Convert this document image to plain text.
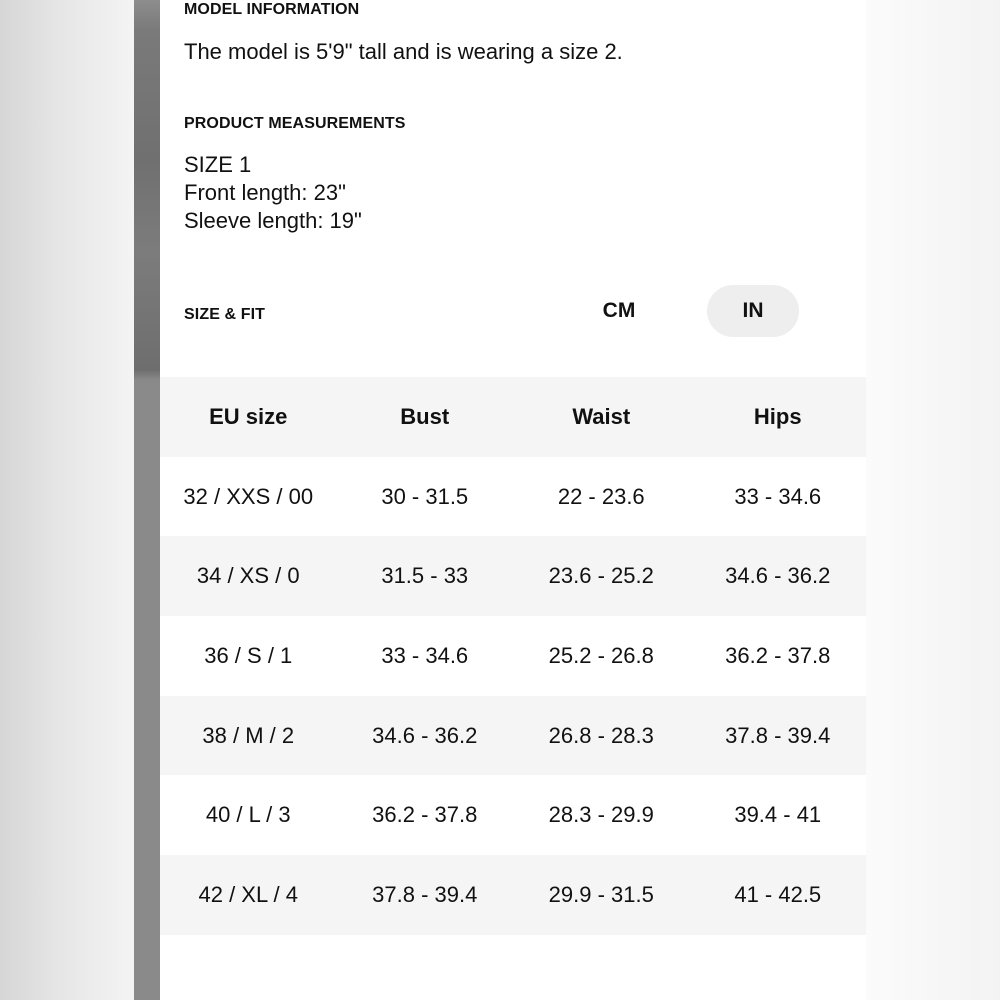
MODEL INFORMATION
The model is 5'9" tall and is wearing a size 2.
PRODUCT MEASUREMENTS
SIZE 1
Front length: 23"
Sleeve length: 19"
SIZE & FIT	CM	IN
EU size	Bust	Waist	Hips
32 / XXS / 00	30 - 31.5	22 - 23.6	33 - 34.6
34 / XS / 0	31.5 - 33	23.6 - 25.2	34.6 - 36.2
36 / S / 1	33 - 34.6	25.2 - 26.8	36.2 - 37.8
38 / M / 2	34.6 - 36.2	26.8 - 28.3	37.8 - 39.4
40 / L / 3	36.2 - 37.8	28.3 - 29.9	39.4 - 41
42 / XL / 4	37.8 - 39.4	29.9 - 31.5	41 - 42.5
